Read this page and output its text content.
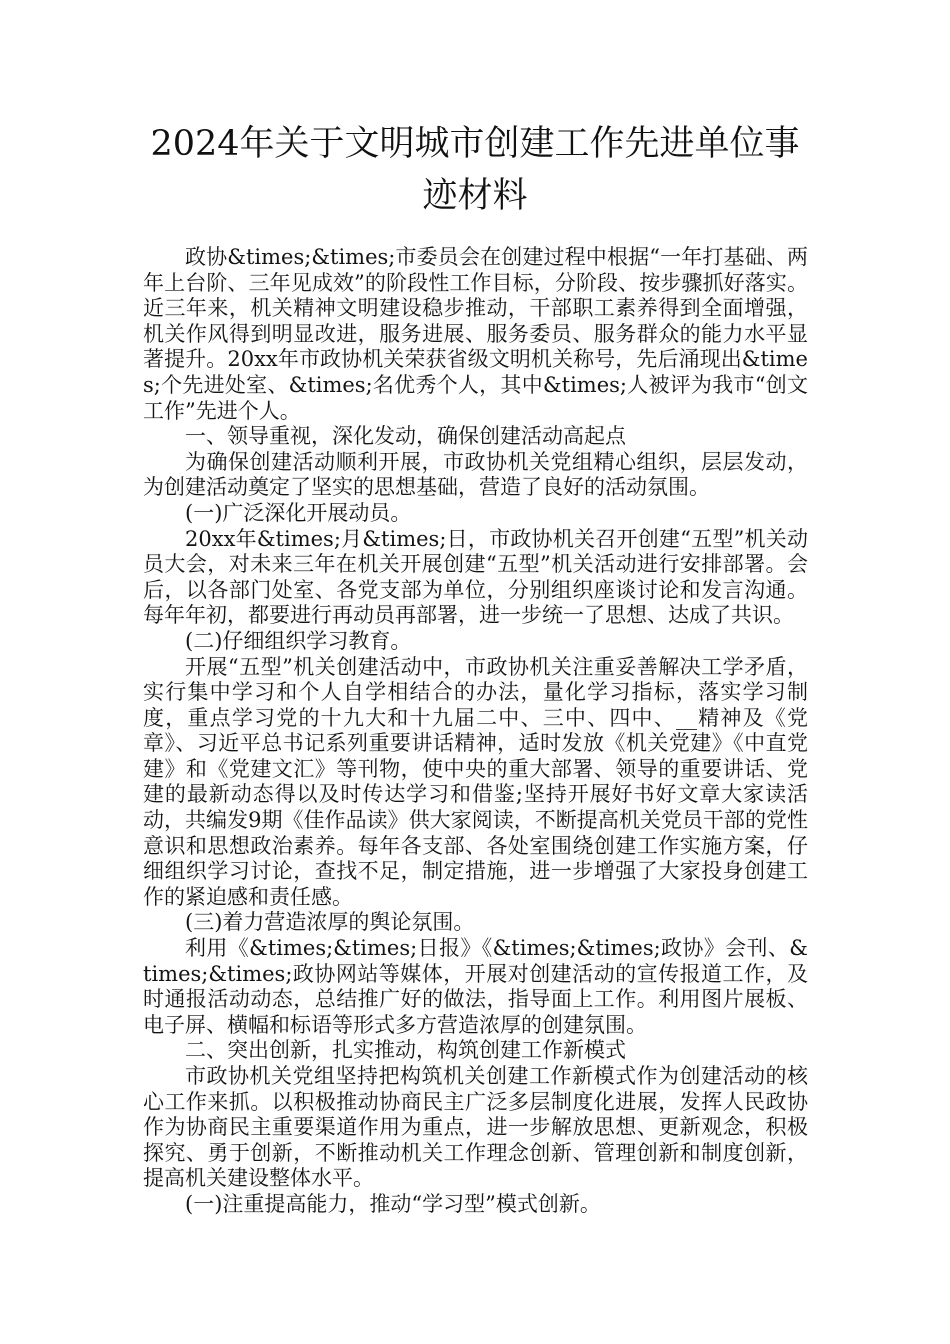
2024年关于文明城市创建工作先进单位事
迹材料

政协&times;&times;市委员会在创建过程中根据“一年打基础、两年上台阶、三年见成效”的阶段性工作目标，分阶段、按步骤抓好落实。近三年来，机关精神文明建设稳步推动，干部职工素养得到全面增强，机关作风得到明显改进，服务进展、服务委员、服务群众的能力水平显著提升。20xx年市政协机关荣获省级文明机关称号，先后涌现出&times;个先进处室、&times;名优秀个人，其中&times;人被评为我市“创文工作”先进个人。

一、领导重视，深化发动，确保创建活动高起点

为确保创建活动顺利开展，市政协机关党组精心组织，层层发动，为创建活动奠定了坚实的思想基础，营造了良好的活动氛围。

(一)广泛深化开展动员。

20xx年&times;月&times;日，市政协机关召开创建“五型”机关动员大会，对未来三年在机关开展创建“五型”机关活动进行安排部署。会后，以各部门处室、各党支部为单位，分别组织座谈讨论和发言沟通。每年年初，都要进行再动员再部署，进一步统一了思想、达成了共识。

(二)仔细组织学习教育。

开展“五型”机关创建活动中，市政协机关注重妥善解决工学矛盾，实行集中学习和个人自学相结合的办法，量化学习指标，落实学习制度，重点学习党的十九大和十九届二中、三中、四中、__精神及《党章》、习近平总书记系列重要讲话精神，适时发放《机关党建》《中直党建》和《党建文汇》等刊物，使中央的重大部署、领导的重要讲话、党建的最新动态得以及时传达学习和借鉴;坚持开展好书好文章大家读活动，共编发9期《佳作品读》供大家阅读，不断提高机关党员干部的党性意识和思想政治素养。每年各支部、各处室围绕创建工作实施方案，仔细组织学习讨论，查找不足，制定措施，进一步增强了大家投身创建工作的紧迫感和责任感。

(三)着力营造浓厚的舆论氛围。

利用《&times;&times;日报》《&times;&times;政协》会刊、&times;&times;政协网站等媒体，开展对创建活动的宣传报道工作，及时通报活动动态，总结推广好的做法，指导面上工作。利用图片展板、电子屏、横幅和标语等形式多方营造浓厚的创建氛围。

二、突出创新，扎实推动，构筑创建工作新模式

市政协机关党组坚持把构筑机关创建工作新模式作为创建活动的核心工作来抓。以积极推动协商民主广泛多层制度化进展，发挥人民政协作为协商民主重要渠道作用为重点，进一步解放思想、更新观念，积极探究、勇于创新，不断推动机关工作理念创新、管理创新和制度创新，提高机关建设整体水平。

(一)注重提高能力，推动“学习型”模式创新。
